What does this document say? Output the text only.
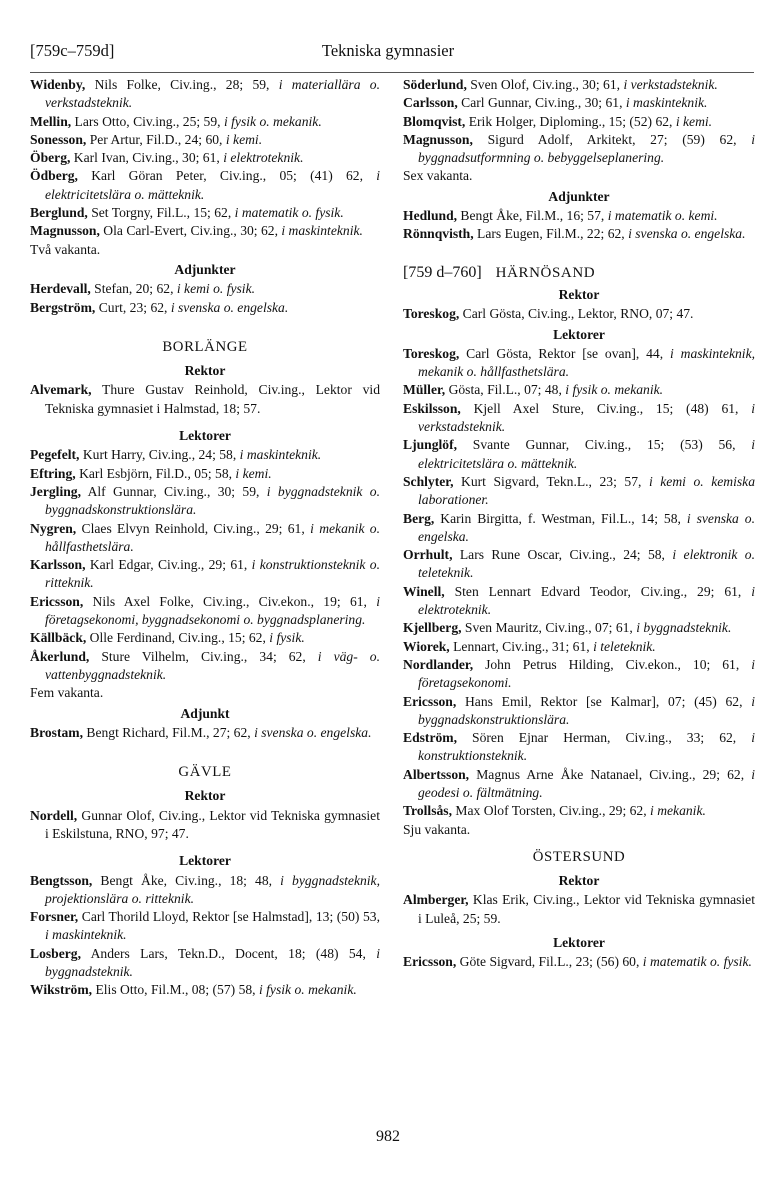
[759c–759d]	Tekniska gymnasier
Widenby, Nils Folke, Civ.ing., 28; 59, i materiallära o. verkstadsteknik.
Mellin, Lars Otto, Civ.ing., 25; 59, i fysik o. mekanik.
Sonesson, Per Artur, Fil.D., 24; 60, i kemi.
Öberg, Karl Ivan, Civ.ing., 30; 61, i elektroteknik.
Ödberg, Karl Göran Peter, Civ.ing., 05; (41) 62, i elektricitetslära o. mätteknik.
Berglund, Set Torgny, Fil.L., 15; 62, i matematik o. fysik.
Magnusson, Ola Carl-Evert, Civ.ing., 30; 62, i maskinteknik.
Två vakanta.
Adjunkter
Herdevall, Stefan, 20; 62, i kemi o. fysik.
Bergström, Curt, 23; 62, i svenska o. engelska.
BORLÄNGE
Rektor
Alvemark, Thure Gustav Reinhold, Civ.ing., Lektor vid Tekniska gymnasiet i Halmstad, 18; 57.
Lektorer
Pegefelt, Kurt Harry, Civ.ing., 24; 58, i maskinteknik.
Eftring, Karl Esbjörn, Fil.D., 05; 58, i kemi.
Jergling, Alf Gunnar, Civ.ing., 30; 59, i byggnadsteknik o. byggnadskonstruktionslära.
Nygren, Claes Elvyn Reinhold, Civ.ing., 29; 61, i mekanik o. hållfasthetslära.
Karlsson, Karl Edgar, Civ.ing., 29; 61, i konstruktionsteknik o. ritteknik.
Ericsson, Nils Axel Folke, Civ.ing., Civ.ekon., 19; 61, i företagsekonomi, byggnadsekonomi o. byggnadsplanering.
Källbäck, Olle Ferdinand, Civ.ing., 15; 62, i fysik.
Åkerlund, Sture Vilhelm, Civ.ing., 34; 62, i väg- o. vattenbyggnadsteknik.
Fem vakanta.
Adjunkt
Brostam, Bengt Richard, Fil.M., 27; 62, i svenska o. engelska.
GÄVLE
Rektor
Nordell, Gunnar Olof, Civ.ing., Lektor vid Tekniska gymnasiet i Eskilstuna, RNO, 97; 47.
Lektorer
Bengtsson, Bengt Åke, Civ.ing., 18; 48, i byggnadsteknik, projektionslära o. ritteknik.
Forsner, Carl Thorild Lloyd, Rektor [se Halmstad], 13; (50) 53, i maskinteknik.
Losberg, Anders Lars, Tekn.D., Docent, 18; (48) 54, i byggnadsteknik.
Wikström, Elis Otto, Fil.M., 08; (57) 58, i fysik o. mekanik.
Söderlund, Sven Olof, Civ.ing., 30; 61, i verkstadsteknik.
Carlsson, Carl Gunnar, Civ.ing., 30; 61, i maskinteknik.
Blomqvist, Erik Holger, Diploming., 15; (52) 62, i kemi.
Magnusson, Sigurd Adolf, Arkitekt, 27; (59) 62, i byggnadsutformning o. bebyggelseplanering.
Sex vakanta.
Adjunkter
Hedlund, Bengt Åke, Fil.M., 16; 57, i matematik o. kemi.
Rönnqvisth, Lars Eugen, Fil.M., 22; 62, i svenska o. engelska.
[759 d–760] HÄRNÖSAND
Rektor
Toreskog, Carl Gösta, Civ.ing., Lektor, RNO, 07; 47.
Lektorer
Toreskog, Carl Gösta, Rektor [se ovan], 44, i maskinteknik, mekanik o. hållfasthetslära.
Müller, Gösta, Fil.L., 07; 48, i fysik o. mekanik.
Eskilsson, Kjell Axel Sture, Civ.ing., 15; (48) 61, i verkstadsteknik.
Ljunglöf, Svante Gunnar, Civ.ing., 15; (53) 56, i elektricitetslära o. mätteknik.
Schlyter, Kurt Sigvard, Tekn.L., 23; 57, i kemi o. kemiska laborationer.
Berg, Karin Birgitta, f. Westman, Fil.L., 14; 58, i svenska o. engelska.
Orrhult, Lars Rune Oscar, Civ.ing., 24; 58, i elektronik o. teleteknik.
Winell, Sten Lennart Edvard Teodor, Civ.ing., 29; 61, i elektroteknik.
Kjellberg, Sven Mauritz, Civ.ing., 07; 61, i byggnadsteknik.
Wiorek, Lennart, Civ.ing., 31; 61, i teleteknik.
Nordlander, John Petrus Hilding, Civ.ekon., 10; 61, i företagsekonomi.
Ericsson, Hans Emil, Rektor [se Kalmar], 07; (45) 62, i byggnadskonstruktionslära.
Edström, Sören Ejnar Herman, Civ.ing., 33; 62, i konstruktionsteknik.
Albertsson, Magnus Arne Åke Natanael, Civ.ing., 29; 62, i geodesi o. fältmätning.
Trollsås, Max Olof Torsten, Civ.ing., 29; 62, i mekanik.
Sju vakanta.
ÖSTERSUND
Rektor
Almberger, Klas Erik, Civ.ing., Lektor vid Tekniska gymnasiet i Luleå, 25; 59.
Lektorer
Ericsson, Göte Sigvard, Fil.L., 23; (56) 60, i matematik o. fysik.
982
